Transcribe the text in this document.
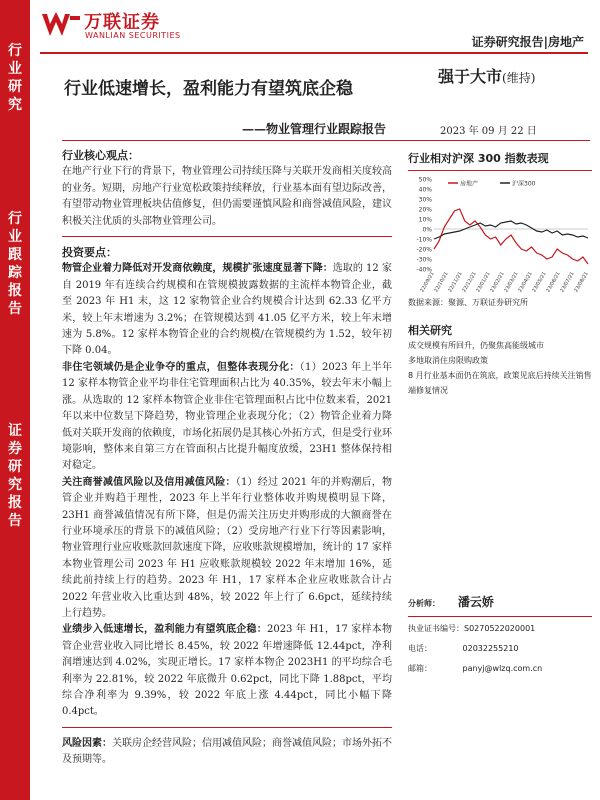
行
业
研
究
行
业
跟
踪
报
告
证
券
研
究
报
告
万联证券
WANLIAN SECURITIES	证券研究报告|房地产
行业低速增长，盈利能力有望筑底企稳
——物业管理行业跟踪报告
强于大市(维持)
2023 年 09 月 22 日

行业核心观点：

在地产行业下行的背景下，物业管理公司持续压降与关联开发商相关度较高的业务。短期，房地产行业宽松政策持续释放，行业基本面有望边际改善，有望带动物业管理板块估值修复，但仍需要谨慎风险和商誉减值风险，建议积极关注优质的头部物业管理公司。

投资要点：

物管企业着力降低对开发商依赖度，规模扩张速度显著下降：选取的 12 家自 2019 年有连续合约规模和在管规模披露数据的主流样本物管企业，截至 2023 年 H1 末，这 12 家物管企业合约规模合计达到 62.33 亿平方米，较上年末增速为 3.2%；在管规模达到 41.05 亿平方米，较上年末增速为 5.8%。12 家样本物管企业的合约规模/在管规模约为 1.52，较年初下降 0.04。

非住宅领域仍是企业争夺的重点，但整体表现分化：（1）2023 年上半年 12 家样本物管企业平均非住宅管理面积占比为 40.35%，较去年末小幅上涨。从选取的 12 家样本物管企业非住宅管理面积占比中位数来看，2021 年以来中位数呈下降趋势，物业管理企业表现分化；（2）物管企业着力降低对关联开发商的依赖度，市场化拓展仍是其核心外拓方式，但是受行业环境影响，整体来自第三方在管面积占比提升幅度放缓，23H1 整体保持相对稳定。

关注商誉减值风险以及信用减值风险：（1）经过 2021 年的并购潮后，物管企业并购趋于理性，2023 年上半年行业整体收并购规模明显下降，23H1 商誉减值情况有所下降，但是仍需关注历史并购形成的大额商誉在行业环境承压的背景下的减值风险；（2）受房地产行业下行等因素影响，物业管理行业应收账款回款速度下降，应收账款规模增加，统计的 17 家样本物业管理公司 2023 年 H1 应收账款规模较 2022 年末增加 16%，延续此前持续上行的趋势。2023 年 H1，17 家样本企业应收账款合计占 2022 年营业收入比重达到 48%，较 2022 年上行了 6.6pct，延续持续上行趋势。

业绩步入低速增长，盈利能力有望筑底企稳：2023 年 H1，17 家样本物管企业营业收入同比增长 8.45%，较 2022 年增速降低 12.44pct，净利润增速达到 4.02%，实现正增长。17 家样本物企 2023H1 的平均综合毛利率为 22.81%，较 2022 年底微升 0.62pct，同比下降 1.88pct，平均综合净利率为 9.39%，较 2022 年底上涨 4.44pct，同比小幅下降 0.4pct。

风险因素：关联房企经营风险；信用减值风险；商誉减值风险；市场外拓不及预期等。

行业相对沪深 300 指数表现

50%
40%
30%
20%
10%
0%
-10%
-20%
-30%
-40%
22/09/21
22/10/21
22/11/21
22/12/21
23/01/21
23/02/21
23/03/21
23/04/21
23/05/21
23/06/21
23/07/21
23/08/21
房地产	沪深300
数据来源：聚源、万联证券研究所
相关研究

成交规模有所回升，仍聚焦高能级城市

多地取消住房限购政策

8 月行业基本面仍在筑底，政策见底后持续关注销售端修复情况

分析师： 潘云娇
执业证书编号：S0270522020001
电话：	02032255210
邮箱：	panyj@wlzq.com.cn
